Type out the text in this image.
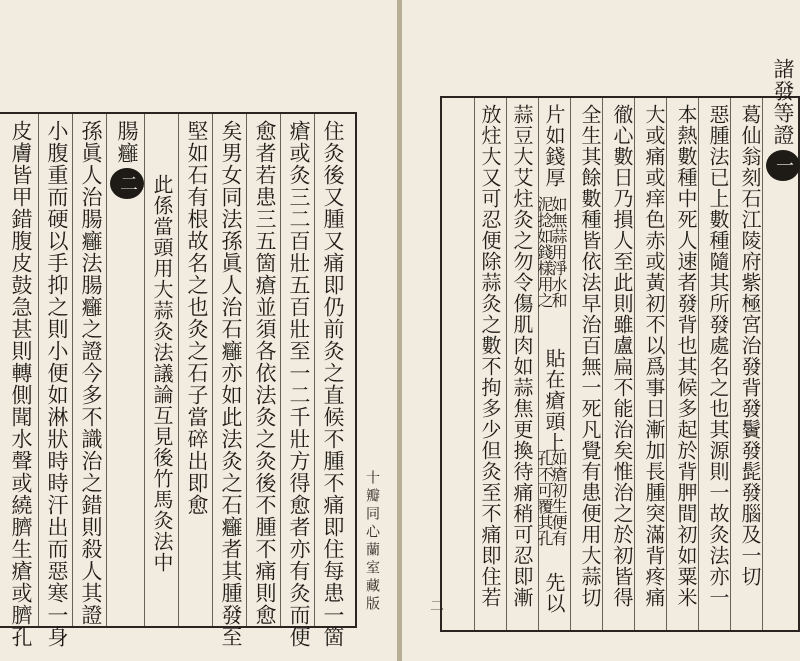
住灸後又腫又痛即仍前灸之直候不腫不痛即住每患一箇
瘡或灸三二百壯五百壯至一二千壯方得愈者亦有灸而便
愈者若患三五箇瘡並須各依法灸之灸後不腫不痛則愈
矣男女同法孫眞人治石癰亦如此法灸之石癰者其腫發至
堅如石有根故名之也灸之石子當碎出即愈
此係當頭用大蒜灸法議論互見後竹馬灸法中
腸癰二
孫眞人治腸癰法腸癰之證今多不識治之錯則殺人其證
小腹重而硬以手抑之則小便如淋狀時時汗出而惡寒一身
皮膚皆甲錯腹皮鼓急甚則轉側聞水聲或繞臍生瘡或臍孔	十瓣同心蘭室藏版
諸發等證一
葛仙翁刻石江陵府紫極宮治發背發鬢發髭發腦及一切
惡腫法已上數種隨其所發處名之也其源則一故灸法亦一
本熱數種中死人速者發背也其候多起於背胛間初如粟米
大或痛或痒色赤或黃初不以爲事日漸加長腫突滿背疼痛
徹心數日乃損人至此則雖盧扁不能治矣惟治之於初皆得
全生其餘數種皆依法早治百無一死凡覺有患便用大蒜切
片如錢厚
如無蒜用淨水和
泥捻如錢樣用之
貼在瘡頭上
如瘡初生便有
孔不可覆其孔
先以
蒜豆大艾炷灸之勿令傷肌肉如蒜焦更換待痛稍可忍即漸
放炷大又可忍便除蒜灸之數不拘多少但灸至不痛即住若
二
